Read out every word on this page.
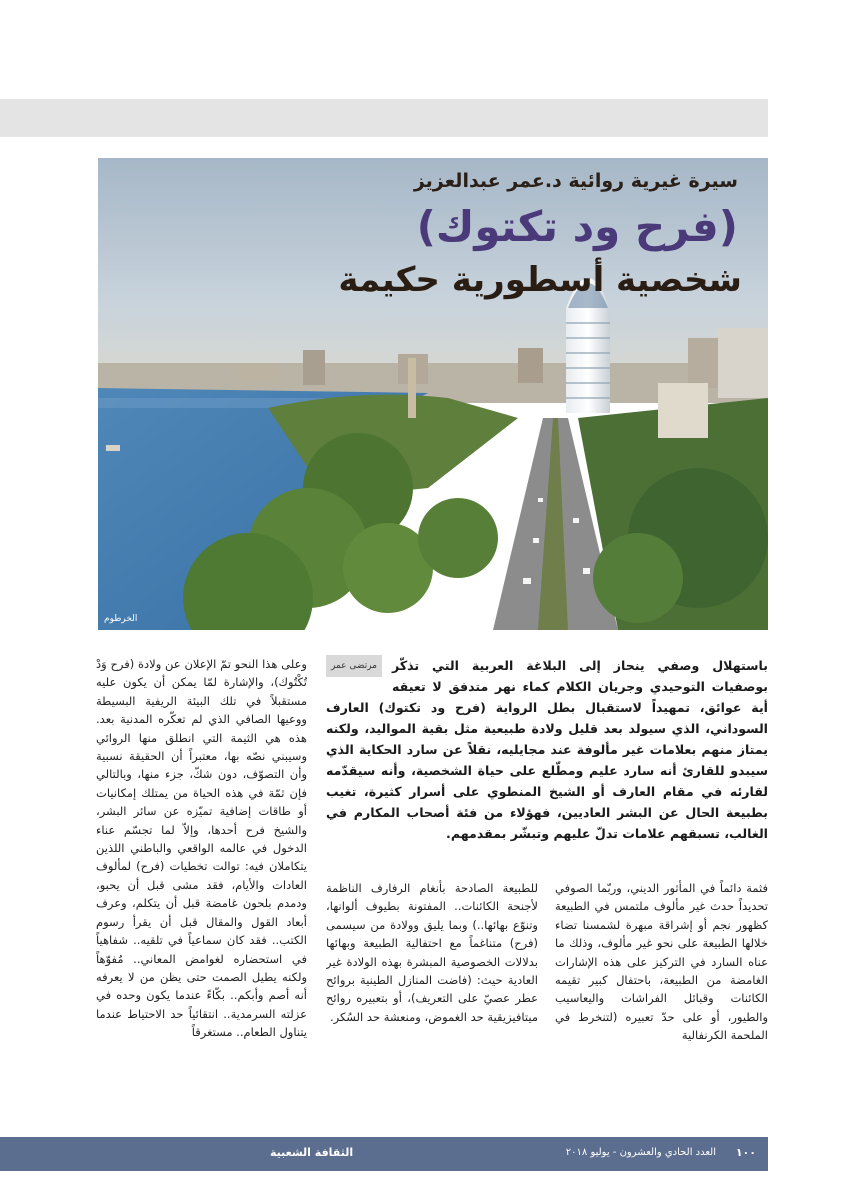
سيرة غيرية روائية د.عمر عبدالعزيز
(فرح ود تكتوك)
شخصية أسطورية حكيمة
الخرطوم
مرتضى عمر	باستهلال وصفي ينحاز إلى البلاغة العربية التي تذكّر بوصفيات التوحيدي وجريان الكلام كماء نهر متدفق لا تعيقه أية عوائق، تمهيداً لاستقبال بطل الرواية (فرح ود تكتوك) العارف السوداني، الذي سيولد بعد قليل ولادة طبيعية مثل بقية المواليد، ولكنه يمتاز منهم بعلامات غير مألوفة عند مجايليه، نقلاً عن سارد الحكاية الذي سيبدو للقارئ أنه سارد عليم ومطّلع على حياة الشخصية، وأنه سيقدّمه لقارئه في مقام العارف أو الشيخ المنطوي على أسرار كثيرة، تغيب بطبيعة الحال عن البشر العاديين، فهؤلاء من فئة أصحاب المكارم في الغالب، تسبقهم علامات تدلّ عليهم وتبشّر بمقدمهم.
فثمة دائماً في المأثور الديني، وربّما الصوفي تحديداً حدث غير مألوف ملتمس في الطبيعة كظهور نجم أو إشراقة مبهرة لشمسنا تضاء خلالها الطبيعة على نحو غير مألوف، وذلك ما عناه السارد في التركيز على هذه الإشارات الغامضة من الطبيعة، باحتفال كبير تقيمه الكائنات وقبائل الفراشات واليعاسيب والطيور، أو على حدّ تعبيره (لتنخرط في الملحمة الكرنفالية
للطبيعة الصادحة بأنغام الرفارف الناظمة لأجنحة الكائنات.. المفتونة بطيوف ألوانها، وتنوّع بهائها..) وبما يليق وولادة من سيسمى (فرح) متناغماً مع احتفالية الطبيعة وبهائها بدلالات الخصوصية المبشرة بهذه الولادة غير العادية حيث: (فاضت المنازل الطينية بروائح عطر عصيّ على التعريف)، أو بتعبيره روائح ميتافيزيقية حد الغموض، ومنعشة حد السُكر.
وعلى هذا النحو تمّ الإعلان عن ولادة (فرح وَدْ تُكْتُوك)، والإشارة لمّا يمكن أن يكون عليه مستقبلاً في تلك البيئة الريفية البسيطة ووعيها الصافي الذي لم تعكّره المدنية بعد. هذه هي الثيمة التي انطلق منها الروائي وسيبني نصّه بها، معتبراً أن الحقيقة نسبية وأن التصوّف، دون شكّ، جزء منها، وبالتالي فإن ثمّة في هذه الحياة من يمتلك إمكانيات أو طاقات إضافية تميّزه عن سائر البشر، والشيخ فرح أحدها، وإلاّ لما تجسّم عناء الدخول في عالمه الواقعي والباطني اللذين يتكاملان فيه: توالت تخطيات (فرح) لمألوف العادات والأيام، فقد مشى قبل أن يحبو، ودمدم بلحون غامضة قبل أن يتكلم، وعرف أبعاد القول والمقال قبل أن يقرأ رسوم الكتب.. فقد كان سماعياً في تلقيه.. شفاهياً في استحضاره لغوامض المعاني.. مُفوّهاً ولكنه يطيل الصمت حتى يظن من لا يعرفه أنه أصم وأبكم.. بكّاءً عندما يكون وحده في عزلته السرمدية.. انتقائياً حد الاحتياط عندما يتناول الطعام.. مستغرقاً
١٠٠
العدد الحادي والعشرون - يوليو ٢٠١٨
الثقافة الشعبية
